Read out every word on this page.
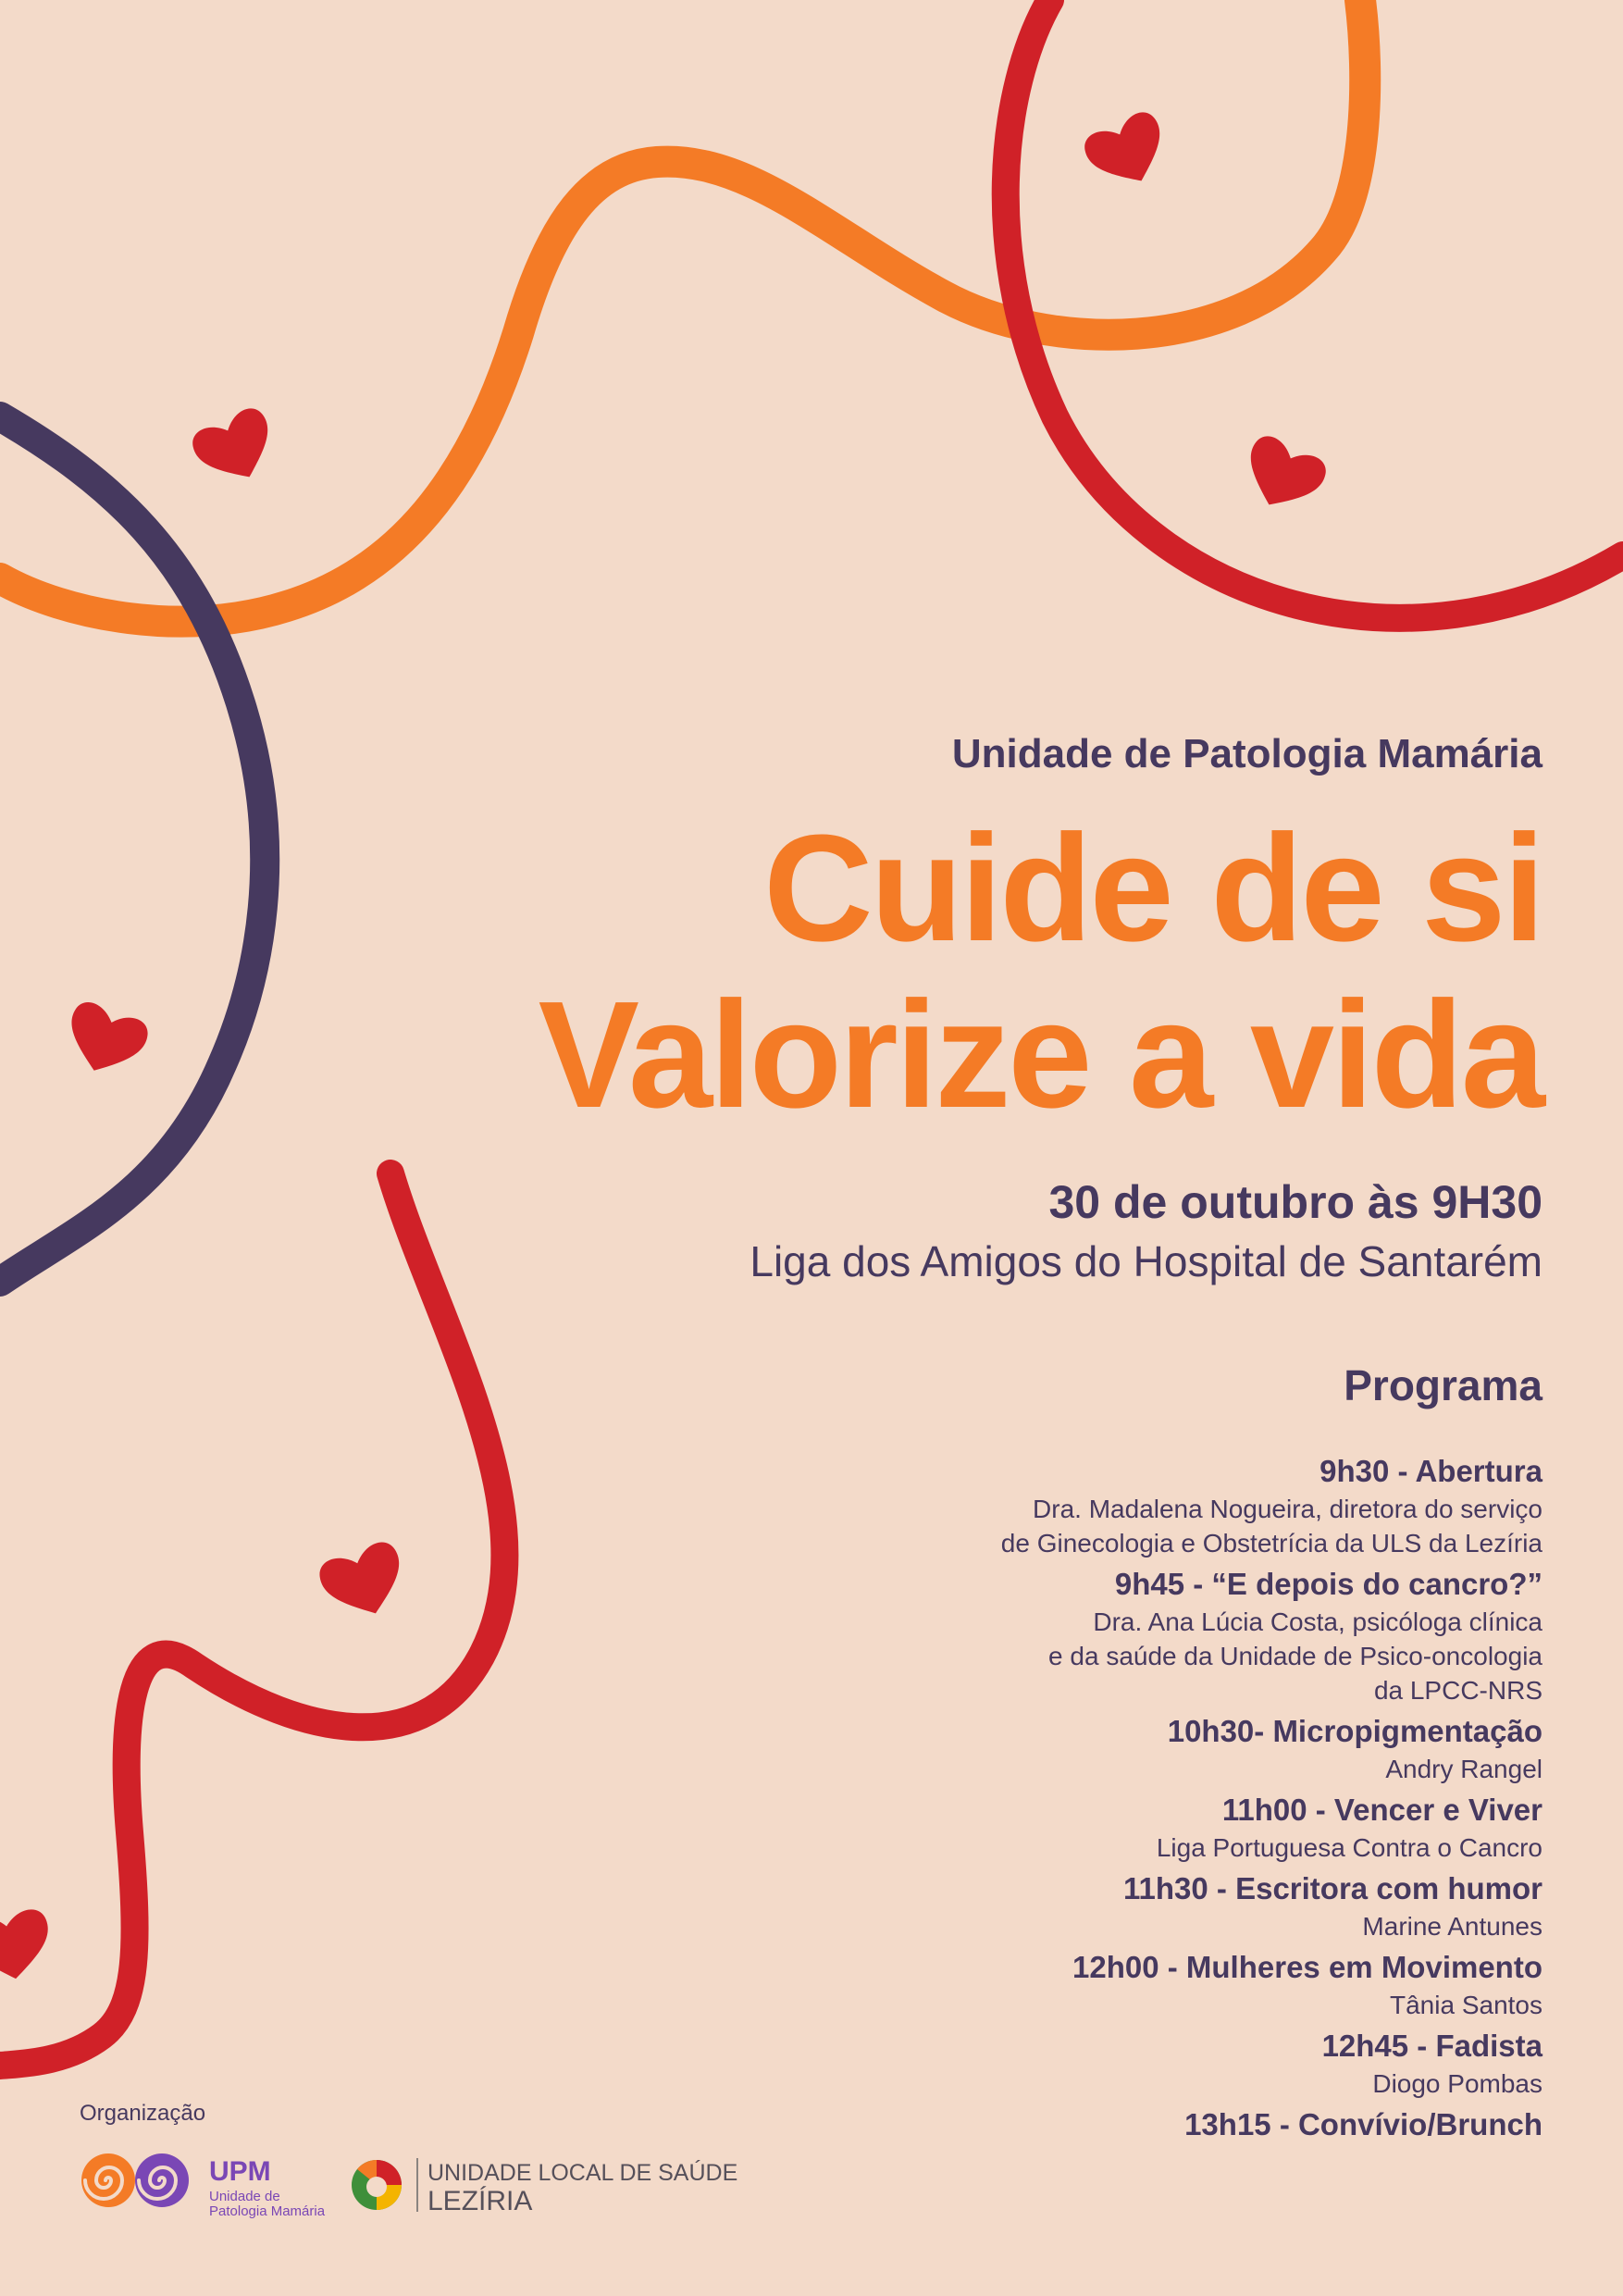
Unidade de Patologia Mamária

Cuide de si

Valorize a vida

30 de outubro às 9H30

Liga dos Amigos do Hospital de Santarém

Programa

9h30 - Abertura
Dra. Madalena Nogueira, diretora do serviço
de Ginecologia e Obstetrícia da ULS da Lezíria
9h45 - “E depois do cancro?”
Dra. Ana Lúcia Costa, psicóloga clínica
e da saúde da Unidade de Psico-oncologia
da LPCC-NRS
10h30- Micropigmentação
Andry Rangel
11h00 - Vencer e Viver
Liga Portuguesa Contra o Cancro
11h30 - Escritora com humor
Marine Antunes
12h00 - Mulheres em Movimento
Tânia Santos
12h45 - Fadista
Diogo Pombas
13h15 - Convívio/Brunch
Organização
UPM
Unidade de
Patologia Mamária
UNIDADE LOCAL DE SAÚDE
LEZÍRIA
